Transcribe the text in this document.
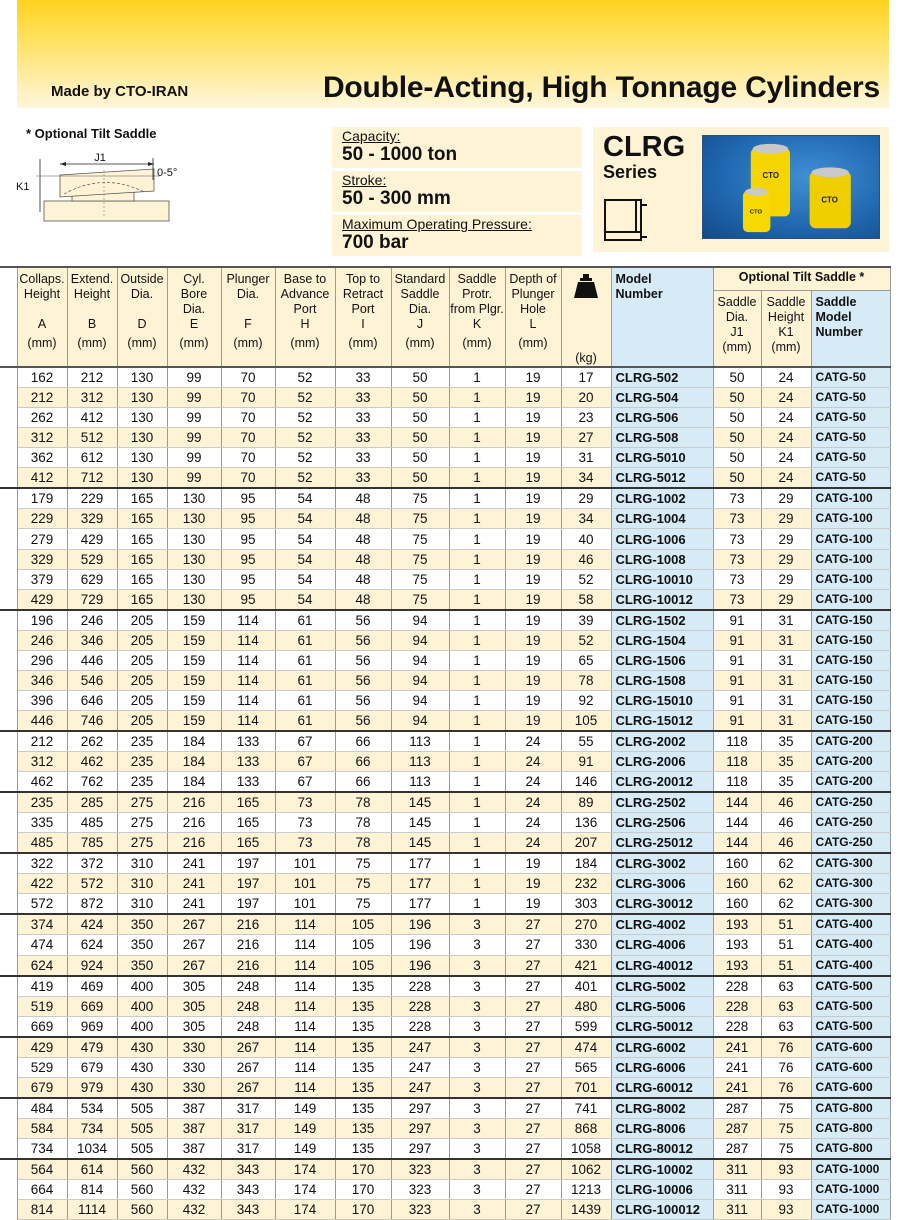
Made by CTO-IRAN	Double-Acting, High Tonnage Cylinders
* Optional Tilt Saddle
J1
K1
0-5°
Capacity:
50 - 1000 ton
Stroke:
50 - 300 mm
Maximum Operating Pressure:
700 bar
CLRG
Series	CTO
CTO
CTO

	Collaps.
Height

A
(mm)	Extend.
Height

B
(mm)	Outside
Dia.

D
(mm)	Cyl.
Bore
Dia.
E
(mm)	Plunger
Dia.

F
(mm)	Base to
Advance
Port
H
(mm)	Top to
Retract
Port
I
(mm)	Standard
Saddle
Dia.
J
(mm)	Saddle
Protr.
from Plgr.
K
(mm)	Depth of
Plunger
Hole
L
(mm)	(kg)	Model
Number	Optional Tilt Saddle *		

													Saddle
Dia.
J1
(mm)	Saddle
Height
K1
(mm)	Saddle
Model
Number

	162	212	130	99	70	52	33	50	1	19	17	CLRG-502	50	24	CATG-50
	212	312	130	99	70	52	33	50	1	19	20	CLRG-504	50	24	CATG-50
	262	412	130	99	70	52	33	50	1	19	23	CLRG-506	50	24	CATG-50
	312	512	130	99	70	52	33	50	1	19	27	CLRG-508	50	24	CATG-50
	362	612	130	99	70	52	33	50	1	19	31	CLRG-5010	50	24	CATG-50
	412	712	130	99	70	52	33	50	1	19	34	CLRG-5012	50	24	CATG-50
	179	229	165	130	95	54	48	75	1	19	29	CLRG-1002	73	29	CATG-100
	229	329	165	130	95	54	48	75	1	19	34	CLRG-1004	73	29	CATG-100
	279	429	165	130	95	54	48	75	1	19	40	CLRG-1006	73	29	CATG-100
	329	529	165	130	95	54	48	75	1	19	46	CLRG-1008	73	29	CATG-100
	379	629	165	130	95	54	48	75	1	19	52	CLRG-10010	73	29	CATG-100
	429	729	165	130	95	54	48	75	1	19	58	CLRG-10012	73	29	CATG-100
	196	246	205	159	114	61	56	94	1	19	39	CLRG-1502	91	31	CATG-150
	246	346	205	159	114	61	56	94	1	19	52	CLRG-1504	91	31	CATG-150
	296	446	205	159	114	61	56	94	1	19	65	CLRG-1506	91	31	CATG-150
	346	546	205	159	114	61	56	94	1	19	78	CLRG-1508	91	31	CATG-150
	396	646	205	159	114	61	56	94	1	19	92	CLRG-15010	91	31	CATG-150
	446	746	205	159	114	61	56	94	1	19	105	CLRG-15012	91	31	CATG-150
	212	262	235	184	133	67	66	113	1	24	55	CLRG-2002	118	35	CATG-200
	312	462	235	184	133	67	66	113	1	24	91	CLRG-2006	118	35	CATG-200
	462	762	235	184	133	67	66	113	1	24	146	CLRG-20012	118	35	CATG-200
	235	285	275	216	165	73	78	145	1	24	89	CLRG-2502	144	46	CATG-250
	335	485	275	216	165	73	78	145	1	24	136	CLRG-2506	144	46	CATG-250
	485	785	275	216	165	73	78	145	1	24	207	CLRG-25012	144	46	CATG-250
	322	372	310	241	197	101	75	177	1	19	184	CLRG-3002	160	62	CATG-300
	422	572	310	241	197	101	75	177	1	19	232	CLRG-3006	160	62	CATG-300
	572	872	310	241	197	101	75	177	1	19	303	CLRG-30012	160	62	CATG-300
	374	424	350	267	216	114	105	196	3	27	270	CLRG-4002	193	51	CATG-400
	474	624	350	267	216	114	105	196	3	27	330	CLRG-4006	193	51	CATG-400
	624	924	350	267	216	114	105	196	3	27	421	CLRG-40012	193	51	CATG-400
	419	469	400	305	248	114	135	228	3	27	401	CLRG-5002	228	63	CATG-500
	519	669	400	305	248	114	135	228	3	27	480	CLRG-5006	228	63	CATG-500
	669	969	400	305	248	114	135	228	3	27	599	CLRG-50012	228	63	CATG-500
	429	479	430	330	267	114	135	247	3	27	474	CLRG-6002	241	76	CATG-600
	529	679	430	330	267	114	135	247	3	27	565	CLRG-6006	241	76	CATG-600
	679	979	430	330	267	114	135	247	3	27	701	CLRG-60012	241	76	CATG-600
	484	534	505	387	317	149	135	297	3	27	741	CLRG-8002	287	75	CATG-800
	584	734	505	387	317	149	135	297	3	27	868	CLRG-8006	287	75	CATG-800
	734	1034	505	387	317	149	135	297	3	27	1058	CLRG-80012	287	75	CATG-800
	564	614	560	432	343	174	170	323	3	27	1062	CLRG-10002	311	93	CATG-1000
	664	814	560	432	343	174	170	323	3	27	1213	CLRG-10006	311	93	CATG-1000
	814	1114	560	432	343	174	170	323	3	27	1439	CLRG-100012	311	93	CATG-1000
